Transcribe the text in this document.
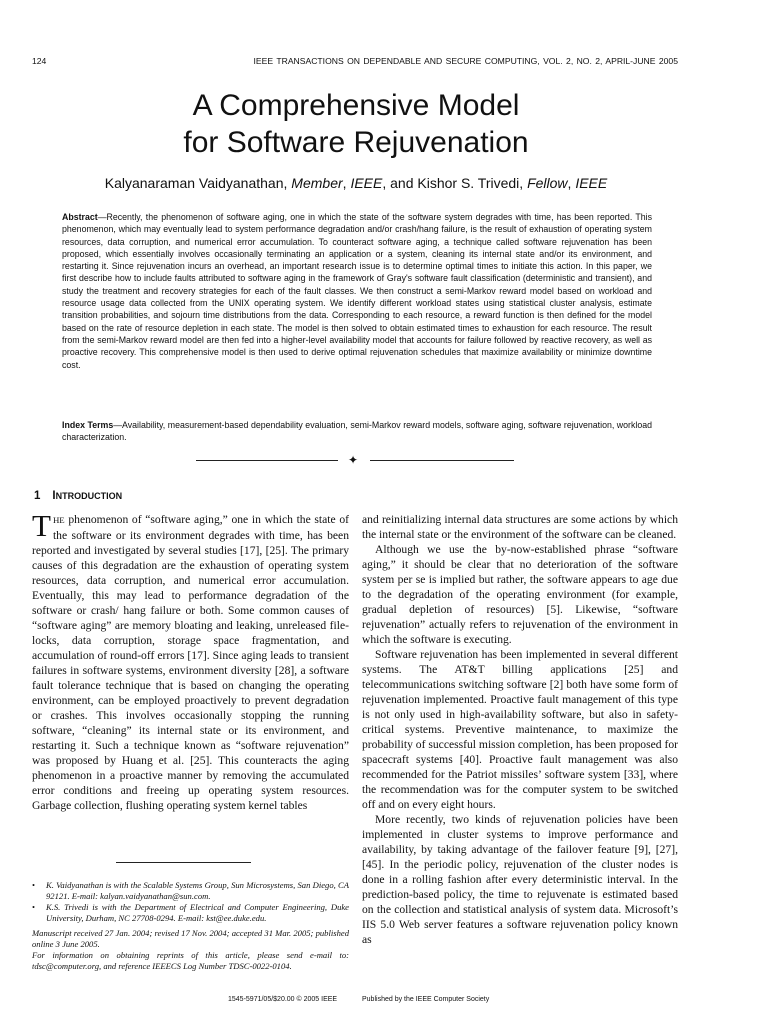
124	IEEE TRANSACTIONS ON DEPENDABLE AND SECURE COMPUTING, VOL. 2, NO. 2, APRIL-JUNE 2005
A Comprehensive Model
for Software Rejuvenation
Kalyanaraman Vaidyanathan, Member, IEEE, and Kishor S. Trivedi, Fellow, IEEE

Abstract—Recently, the phenomenon of software aging, one in which the state of the software system degrades with time, has been reported. This phenomenon, which may eventually lead to system performance degradation and/or crash/hang failure, is the result of exhaustion of operating system resources, data corruption, and numerical error accumulation. To counteract software aging, a technique called software rejuvenation has been proposed, which essentially involves occasionally terminating an application or a system, cleaning its internal state and/or its environment, and restarting it. Since rejuvenation incurs an overhead, an important research issue is to determine optimal times to initiate this action. In this paper, we first describe how to include faults attributed to software aging in the framework of Gray's software fault classification (deterministic and transient), and study the treatment and recovery strategies for each of the fault classes. We then construct a semi-Markov reward model based on workload and resource usage data collected from the UNIX operating system. We identify different workload states using statistical cluster analysis, estimate transition probabilities, and sojourn time distributions from the data. Corresponding to each resource, a reward function is then defined for the model based on the rate of resource depletion in each state. The model is then solved to obtain estimated times to exhaustion for each resource. The result from the semi-Markov reward model are then fed into a higher-level availability model that accounts for failure followed by reactive recovery, as well as proactive recovery. This comprehensive model is then used to derive optimal rejuvenation schedules that maximize availability or minimize downtime cost.

Index Terms—Availability, measurement-based dependability evaluation, semi-Markov reward models, software aging, software rejuvenation, workload characterization.

✦
1 INTRODUCTION

THE phenomenon of “software aging,” one in which the state of the software or its environment degrades with time, has been reported and investigated by several studies [17], [25]. The primary causes of this degradation are the exhaustion of operating system resources, data corruption, and numerical error accumulation. Eventually, this may lead to performance degradation of the software or crash/ hang failure or both. Some common causes of “software aging” are memory bloating and leaking, unreleased file-locks, data corruption, storage space fragmentation, and accumulation of round-off errors [17]. Since aging leads to transient failures in software systems, environment diversity [28], a software fault tolerance technique that is based on changing the operating environment, can be employed proactively to prevent degradation or crashes. This involves occasionally stopping the running software, “cleaning” its internal state or its environment, and restarting it. Such a technique known as “software rejuvenation” was proposed by Huang et al. [25]. This counteracts the aging phenomenon in a proactive manner by removing the accumulated error conditions and freeing up operating system resources. Garbage collection, flushing operating system kernel tables

and reinitializing internal data structures are some actions by which the internal state or the environment of the software can be cleaned.

Although we use the by-now-established phrase “software aging,” it should be clear that no deterioration of the software system per se is implied but rather, the software appears to age due to the degradation of the operating environment (for example, gradual depletion of resources) [5]. Likewise, “software rejuvenation” actually refers to rejuvenation of the environment in which the software is executing.

Software rejuvenation has been implemented in several different systems. The AT&T billing applications [25] and telecommunications switching software [2] both have some form of rejuvenation implemented. Proactive fault management of this type is not only used in high-availability software, but also in safety-critical systems. Preventive maintenance, to maximize the probability of successful mission completion, has been proposed for spacecraft systems [40]. Proactive fault management was also recommended for the Patriot missiles’ software system [33], where the recommendation was for the computer system to be switched off and on every eight hours.

More recently, two kinds of rejuvenation policies have been implemented in cluster systems to improve performance and availability, by taking advantage of the failover feature [9], [27], [45]. In the periodic policy, rejuvenation of the cluster nodes is done in a rolling fashion after every deterministic interval. In the prediction-based policy, the time to rejuvenate is estimated based on the collection and statistical analysis of system data. Microsoft’s IIS 5.0 Web server features a software rejuvenation policy known as

• K. Vaidyanathan is with the Scalable Systems Group, Sun Microsystems, San Diego, CA 92121. E-mail: kalyan.vaidyanathan@sun.com.
• K.S. Trivedi is with the Department of Electrical and Computer Engineering, Duke University, Durham, NC 27708-0294. E-mail: kst@ee.duke.edu.
Manuscript received 27 Jan. 2004; revised 17 Nov. 2004; accepted 31 Mar. 2005; published online 3 June 2005.
For information on obtaining reprints of this article, please send e-mail to: tdsc@computer.org, and reference IEEECS Log Number TDSC-0022-0104.
1545-5971/05/$20.00 © 2005 IEEE	Published by the IEEE Computer Society
